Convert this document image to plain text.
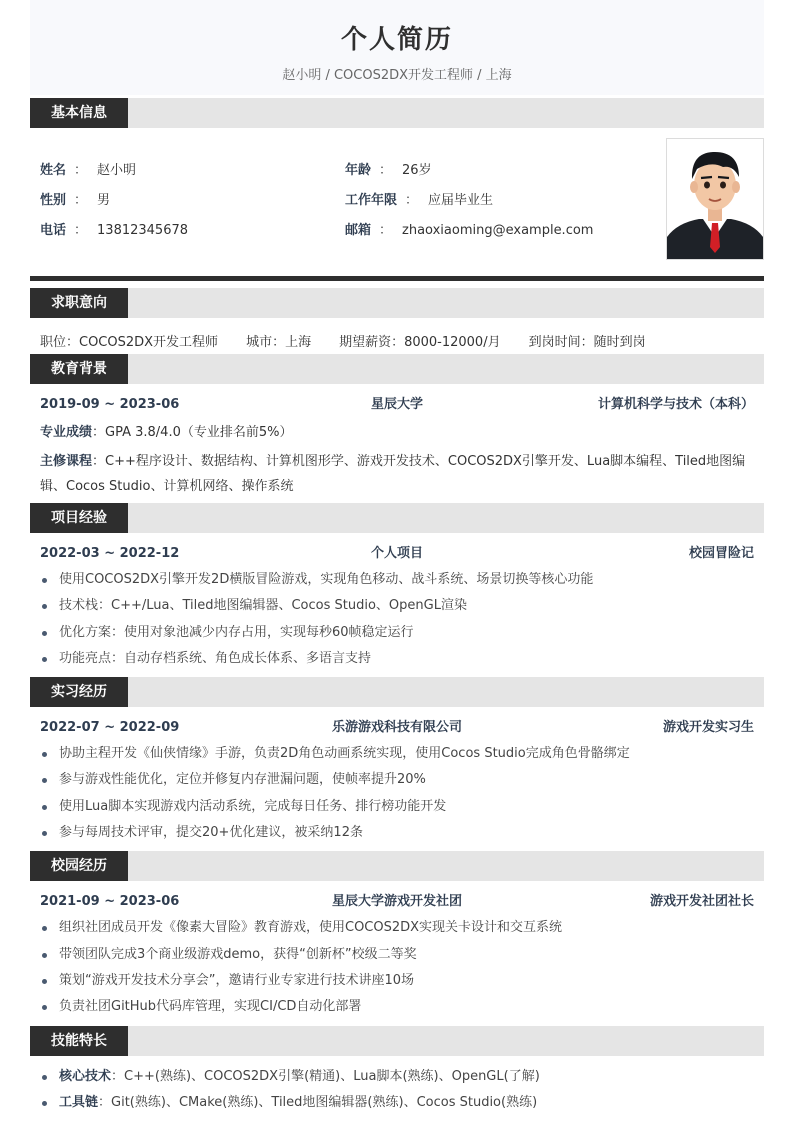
个人简历
赵小明 / COCOS2DX开发工程师 / 上海
基本信息
姓名 ： 赵小明
性别 ： 男
电话 ： 13812345678
年龄 ： 26岁
工作年限 ： 应届毕业生
邮箱 ： zhaoxiaoming@example.com
求职意向
职位：COCOS2DX开发工程师 城市：上海 期望薪资：8000-12000/月 到岗时间：随时到岗
教育背景
2019-09 ~ 2023-06	星辰大学	计算机科学与技术（本科）
专业成绩：GPA 3.8/4.0（专业排名前5%）
主修课程：C++程序设计、数据结构、计算机图形学、游戏开发技术、COCOS2DX引擎开发、Lua脚本编程、Tiled地图编辑、Cocos Studio、计算机网络、操作系统
项目经验
2022-03 ~ 2022-12	个人项目	校园冒险记
使用COCOS2DX引擎开发2D横版冒险游戏，实现角色移动、战斗系统、场景切换等核心功能
技术栈：C++/Lua、Tiled地图编辑器、Cocos Studio、OpenGL渲染
优化方案：使用对象池减少内存占用，实现每秒60帧稳定运行
功能亮点：自动存档系统、角色成长体系、多语言支持
实习经历
2022-07 ~ 2022-09	乐游游戏科技有限公司	游戏开发实习生
协助主程开发《仙侠情缘》手游，负责2D角色动画系统实现，使用Cocos Studio完成角色骨骼绑定
参与游戏性能优化，定位并修复内存泄漏问题，使帧率提升20%
使用Lua脚本实现游戏内活动系统，完成每日任务、排行榜功能开发
参与每周技术评审，提交20+优化建议，被采纳12条
校园经历
2021-09 ~ 2023-06	星辰大学游戏开发社团	游戏开发社团社长
组织社团成员开发《像素大冒险》教育游戏，使用COCOS2DX实现关卡设计和交互系统
带领团队完成3个商业级游戏demo，获得“创新杯”校级二等奖
策划“游戏开发技术分享会”，邀请行业专家进行技术讲座10场
负责社团GitHub代码库管理，实现CI/CD自动化部署
技能特长
核心技术：C++(熟练)、COCOS2DX引擎(精通)、Lua脚本(熟练)、OpenGL(了解)
工具链：Git(熟练)、CMake(熟练)、Tiled地图编辑器(熟练)、Cocos Studio(熟练)
